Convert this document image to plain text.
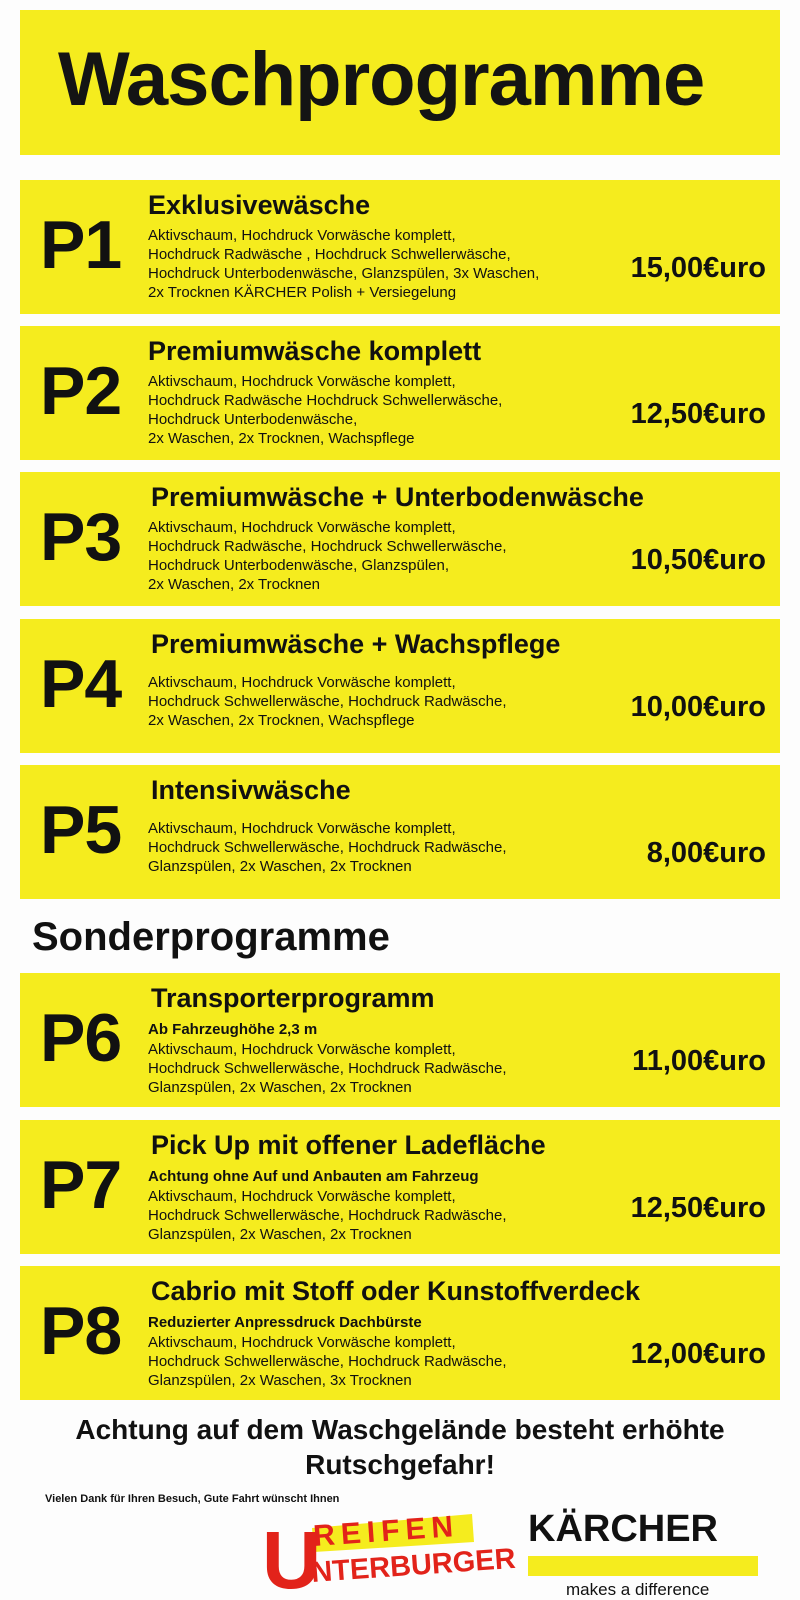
Waschprogramme
P1
Exklusivewäsche
Aktivschaum, Hochdruck Vorwäsche komplett,
Hochdruck Radwäsche , Hochdruck Schwellerwäsche,
Hochdruck Unterbodenwäsche, Glanzspülen, 3x Waschen,
2x Trocknen KÄRCHER Polish + Versiegelung
15,00€uro
P2
Premiumwäsche komplett
Aktivschaum, Hochdruck Vorwäsche komplett,
Hochdruck Radwäsche Hochdruck Schwellerwäsche,
Hochdruck Unterbodenwäsche,
2x Waschen, 2x Trocknen, Wachspflege
12,50€uro
P3
Premiumwäsche + Unterbodenwäsche
Aktivschaum, Hochdruck Vorwäsche komplett,
Hochdruck Radwäsche, Hochdruck Schwellerwäsche,
Hochdruck Unterbodenwäsche, Glanzspülen,
2x Waschen, 2x Trocknen
10,50€uro
P4
Premiumwäsche + Wachspflege
Aktivschaum, Hochdruck Vorwäsche komplett,
Hochdruck Schwellerwäsche, Hochdruck Radwäsche,
2x Waschen, 2x Trocknen, Wachspflege	10,00€uro
P5
Intensivwäsche
Aktivschaum, Hochdruck Vorwäsche komplett,
Hochdruck Schwellerwäsche, Hochdruck Radwäsche,
Glanzspülen, 2x Waschen, 2x Trocknen	8,00€uro
Sonderprogramme
P6
Transporterprogramm
Ab Fahrzeughöhe 2,3 m
Aktivschaum, Hochdruck Vorwäsche komplett,
Hochdruck Schwellerwäsche, Hochdruck Radwäsche,
Glanzspülen, 2x Waschen, 2x Trocknen
11,00€uro
P7
Pick Up mit offener Ladefläche
Achtung ohne Auf und Anbauten am Fahrzeug
Aktivschaum, Hochdruck Vorwäsche komplett,
Hochdruck Schwellerwäsche, Hochdruck Radwäsche,
Glanzspülen, 2x Waschen, 2x Trocknen
12,50€uro
P8
Cabrio mit Stoff oder Kunstoffverdeck
Reduzierter Anpressdruck Dachbürste
Aktivschaum, Hochdruck Vorwäsche komplett,
Hochdruck Schwellerwäsche, Hochdruck Radwäsche,
Glanzspülen, 2x Waschen, 3x Trocknen
12,00€uro
Achtung auf dem Waschgelände besteht erhöhte
Rutschgefahr!
Vielen Dank für Ihren Besuch, Gute Fahrt wünscht Ihnen
REIFEN
U
NTERBURGER
KÄRCHER
makes a difference
